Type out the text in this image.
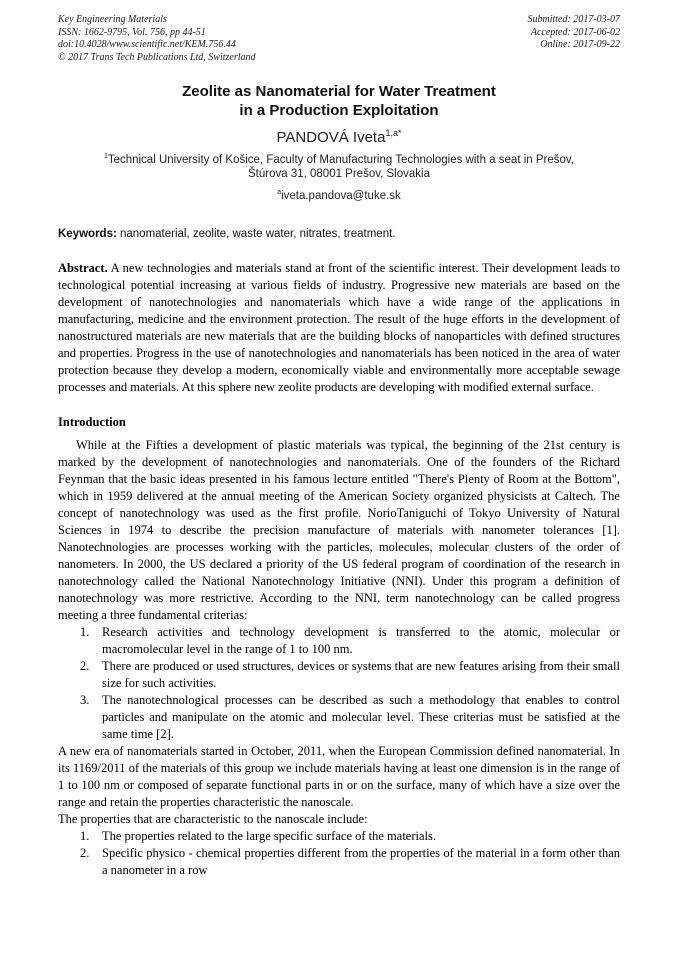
Key Engineering Materials
ISSN: 1662-9795, Vol. 756, pp 44-51
doi:10.4028/www.scientific.net/KEM.756.44
© 2017 Trans Tech Publications Ltd, Switzerland
Submitted: 2017-03-07
Accepted: 2017-06-02
Online: 2017-09-22
Zeolite as Nanomaterial for Water Treatment
in a Production Exploitation
PANDOVÁ Iveta$^{1,a*}$
$^1$Technical University of Košice, Faculty of Manufacturing Technologies with a seat in Prešov,
Štúrova 31, 08001 Prešov, Slovakia
$^a$iveta.pandova@tuke.sk
Keywords: nanomaterial, zeolite, waste water, nitrates, treatment.
Abstract. A new technologies and materials stand at front of the scientific interest. Their development leads to technological potential increasing at various fields of industry. Progressive new materials are based on the development of nanotechnologies and nanomaterials which have a wide range of the applications in manufacturing, medicine and the environment protection. The result of the huge efforts in the development of nanostructured materials are new materials that are the building blocks of nanoparticles with defined structures and properties. Progress in the use of nanotechnologies and nanomaterials has been noticed in the area of water protection because they develop a modern, economically viable and environmentally more acceptable sewage processes and materials. At this sphere new zeolite products are developing with modified external surface.
Introduction
While at the Fifties a development of plastic materials was typical, the beginning of the 21st century is marked by the development of nanotechnologies and nanomaterials. One of the founders of the Richard Feynman that the basic ideas presented in his famous lecture entitled "There's Plenty of Room at the Bottom", which in 1959 delivered at the annual meeting of the American Society organized physicists at Caltech. The concept of nanotechnology was used as the first profile. NorioTaniguchi of Tokyo University of Natural Sciences in 1974 to describe the precision manufacture of materials with nanometer tolerances [1]. Nanotechnologies are processes working with the particles, molecules, molecular clusters of the order of nanometers. In 2000, the US declared a priority of the US federal program of coordination of the research in nanotechnology called the National Nanotechnology Initiative (NNI). Under this program a definition of nanotechnology was more restrictive. According to the NNI, term nanotechnology can be called progress meeting a three fundamental criterias:
1. Research activities and technology development is transferred to the atomic, molecular or macromolecular level in the range of 1 to 100 nm.
2. There are produced or used structures, devices or systems that are new features arising from their small size for such activities.
3. The nanotechnological processes can be described as such a methodology that enables to control particles and manipulate on the atomic and molecular level. These criterias must be satisfied at the same time [2].
A new era of nanomaterials started in October, 2011, when the European Commission defined nanomaterial. In its 1169/2011 of the materials of this group we include materials having at least one dimension is in the range of 1 to 100 nm or composed of separate functional parts in or on the surface, many of which have a size over the range and retain the properties characteristic the nanoscale.
The properties that are characteristic to the nanoscale include:
1. The properties related to the large specific surface of the materials.
2. Specific physico - chemical properties different from the properties of the material in a form other than a nanometer in a row
